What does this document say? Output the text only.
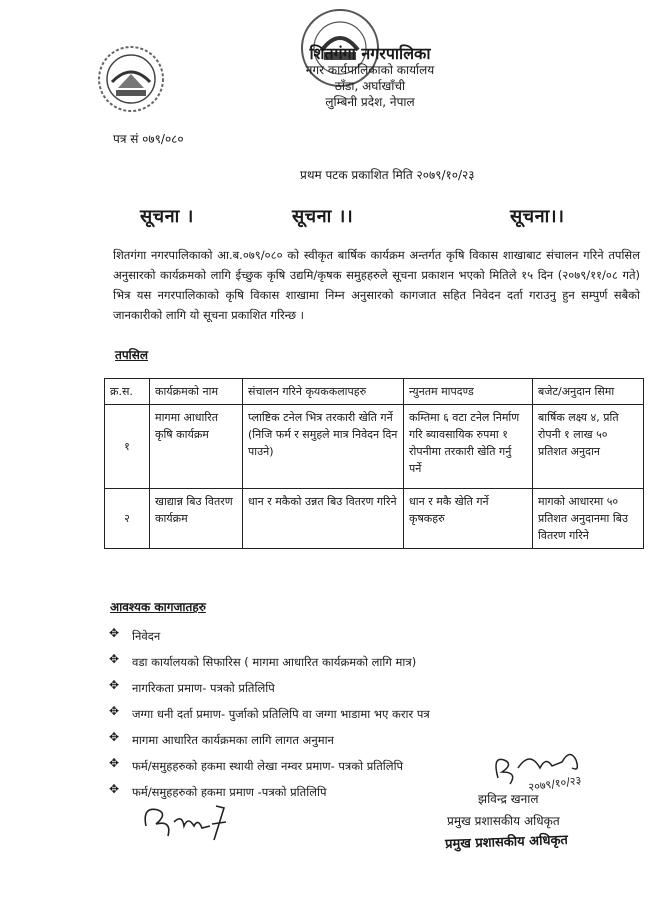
शितगंगा नगरपालिका
नगर कार्यपालिकाको कार्यालय
ठाँडा, अर्घाखाँची
लुम्बिनी प्रदेश, नेपाल
पत्र सं ०७९/०८०
प्रथम पटक प्रकाशित मिति २०७९/१०/२३
सूचना ।	सूचना ।।	सूचना।।
शितगंगा नगरपालिकाको आ.ब.०७९/०८० को स्वीकृत बार्षिक कार्यक्रम अन्तर्गत कृषि विकास शाखाबाट संचालन गरिने तपसिल अनुसारको कार्यक्रमको लागि ईच्छुक कृषि उद्यमि/कृषक समुहहरुले सूचना प्रकाशन भएको मितिले १५ दिन (२०७९/११/०८ गते) भित्र यस नगरपालिकाको कृषि विकास शाखामा निम्न अनुसारको कागजात सहित निवेदन दर्ता गराउनु हुन सम्पुर्ण सबैको जानकारीको लागि यो सूचना प्रकाशित गरिन्छ ।
तपसिल
क्र.स.	कार्यक्रमको नाम	संचालन गरिने कृयककलापहरु	न्युनतम मापदण्ड	बजेट/अनुदान सिमा
१	मागमा आधारित कृषि कार्यक्रम	प्लाष्टिक टनेल भित्र तरकारी खेति गर्ने (निजि फर्म र समुहले मात्र निवेदन दिन पाउने)	कम्तिमा ६ वटा टनेल निर्माण गरि ब्यावसायिक रुपमा १ रोपनीमा तरकारी खेति गर्नु पर्ने	बार्षिक लक्ष्य ४, प्रति रोपनी १ लाख ५० प्रतिशत अनुदान
२	खाद्यान्न बिउ वितरण कार्यक्रम	धान र मकैको उन्नत बिउ वितरण गरिने	धान र मकै खेति गर्ने कृषकहरु	मागको आधारमा ५० प्रतिशत अनुदानमा बिउ वितरण गरिने
आवश्यक कागजातहरु
✥
निवेदन
✥
वडा कार्यालयको सिफारिस ( मागमा आधारित कार्यक्रमको लागि मात्र)
✥
नागरिकता प्रमाण- पत्रको प्रतिलिपि
✥
जग्गा धनी दर्ता प्रमाण- पुर्जाको प्रतिलिपि वा जग्गा भाडामा भए करार पत्र
✥
मागमा आधारित कार्यक्रमका लागि लागत अनुमान
✥
फर्म/समुहहरुको हकमा स्थायी लेखा नम्वर प्रमाण- पत्रको प्रतिलिपि
✥
फर्म/समुहहरुको हकमा प्रमाण -पत्रको प्रतिलिपि	२०७९/१०/२३
झविन्द्र खनाल
प्रमुख प्रशासकीय अधिकृत
प्रमुख प्रशासकीय अधिकृत
